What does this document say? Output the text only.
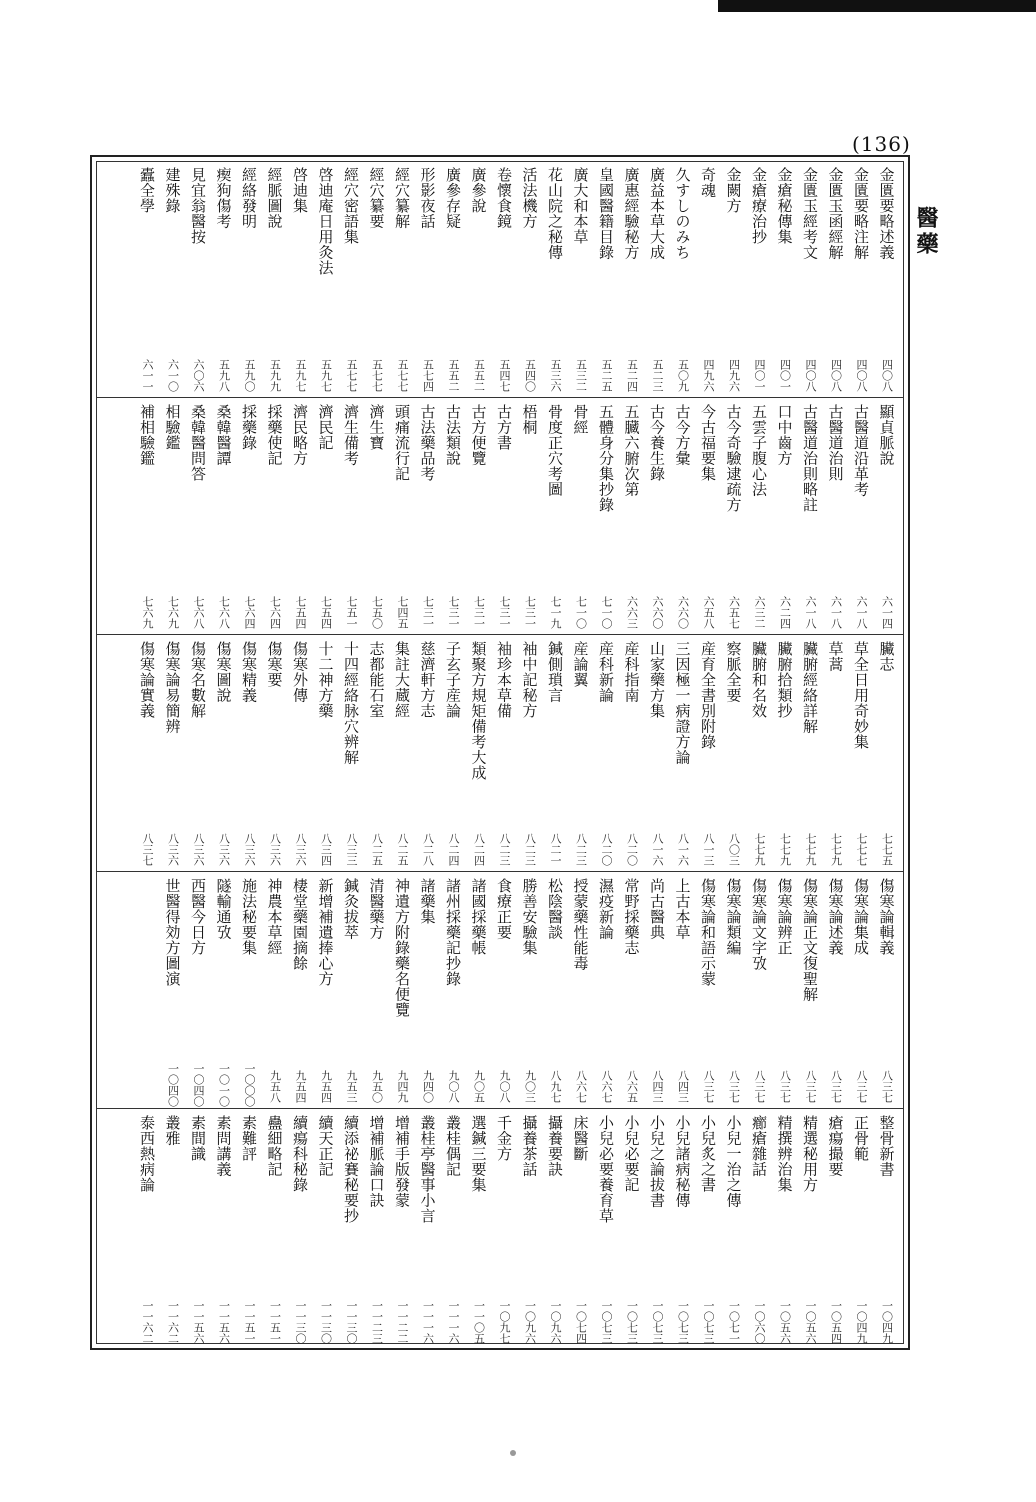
(136)
醫藥
金匱要略述義
四〇八
金匱要略注解
四〇八
金匱玉函經解
四〇八
金匱玉經考文
四〇八
金瘡秘傳集
四〇一
金瘡療治抄
四〇一
金闕方
四九六
奇魂
四九六
久すしのみち
五〇九
廣益本草大成
五二三
廣惠經驗秘方
五二四
皇國醫籍目錄
五二五
廣大和本草
五三二
花山院之秘傳
五三六
活法機方
五四〇
卷懷食鏡
五四七
廣參說
五五二
廣參存疑
五五二
形影夜話
五七四
經穴纂解
五七七
經穴纂要
五七七
經穴密語集
五七七
啓迪庵日用灸法
五九七
啓迪集
五九七
經脈圖說
五九九
經絡發明
五九〇
瘈狗傷考
五九八
見宜翁醫按
六〇六
建殊錄
六一〇
蠹全學
六一一
顯貞脈說
六一四
古醫道沿革考
六一八
古醫道治則
六一八
古醫道治則略註
六一八
口中齒方
六二四
五雲子腹心法
六三二
古今奇驗逮疏方
六五七
今古福要集
六五八
古今方彙
六六〇
古今養生錄
六六〇
五臓六腑次第
六六三
五體身分集抄錄
七一〇
骨經
七一〇
骨度正穴考圖
七一九
梧桐
七三一
古方書
七三一
古方便覽
七三一
古法類說
七三一
古法藥品考
七三一
頭痛流行記
七四五
濟生寶
七五〇
濟生備考
七五一
濟民記
七五四
濟民略方
七五四
採藥使記
七六四
採藥錄
七六四
桑韓醫譚
七六八
桑韓醫問答
七六八
相驗鑑
七六九
補相驗鑑
七六九
臟志
七七五
草全日用奇妙集
七七七
草蒿
七七九
臟腑經絡詳解
七七九
臟腑拾類抄
七七九
臟腑和名效
七七九
察脈全要
八〇三
産育全書別附錄
八一三
三因極一病證方論
八一六
山家藥方集
八一六
産科指南
八二〇
産科新論
八二〇
産論翼
八二三
鍼側瑣言
八二一
袖中記秘方
八二三
袖珍本草備
八二三
類聚方規矩備考大成
八二四
子玄子産論
八二四
慈濟軒方志
八二八
集註大蔵經
八二五
志都能石室
八二五
十四經絡脉穴辨解
八三三
十二神方藥
八三四
傷寒外傳
八三六
傷寒要
八三六
傷寒精義
八三六
傷寒圖說
八三六
傷寒名數解
八三六
傷寒論易簡辨
八三六
傷寒論實義
八三七
傷寒論輯義
八三七
傷寒論集成
八三七
傷寒論述義
八三七
傷寒論正文復聖解
八三七
傷寒論辨正
八三七
傷寒論文字攷
八三七
傷寒論類編
八三七
傷寒論和語示蒙
八三七
上古本草
八四三
尚古醫典
八四三
常野採藥志
八六五
濕疫新論
八六七
授蒙藥性能毒
八六七
松陰醫談
八九七
勝善安驗集
九〇三
食療正要
九〇八
諸國採藥帳
九〇五
諸州採藥記抄錄
九〇八
諸藥集
九四〇
神遺方附錄藥名便覽
九四九
清醫藥方
九五〇
鍼灸拔萃
九五三
新增補遺捧心方
九五四
棲堂藥園摘餘
九五四
神農本草經
九五八
施法秘要集
一〇〇〇
隧輸通攷
一〇一〇
西醫今日方
一〇四〇
世醫得効方圖演
一〇四〇
整骨新書
一〇四九
正骨範
一〇四九
瘡瘍撮要
一〇五四
精選秘用方
一〇五六
精撰辨治集
一〇五六
癤瘡雜話
一〇六〇
小兒一治之傳
一〇七一
小兒炙之書
一〇七三
小兒諸病秘傳
一〇七三
小兒之論拔書
一〇七三
小兒必要記
一〇七三
小兒必要養育草
一〇七三
床醫斷
一〇七四
攝養要訣
一〇九六
攝養茶話
一〇九六
千金方
一〇九七
選鍼三要集
一一〇五
叢桂偶記
一一一六
叢桂亭醫事小言
一一一六
增補手版發蒙
一一二二
增補脈論口訣
一一二三
續添祕賽秘要抄
一一三〇
續天正記
一一三〇
續瘍科秘錄
一一三〇
蠱細略記
一一五一
素難評
一一五一
素問講義
一一五六
素間識
一一五六
叢雅
一一六二
泰西熱病論
一一六二
